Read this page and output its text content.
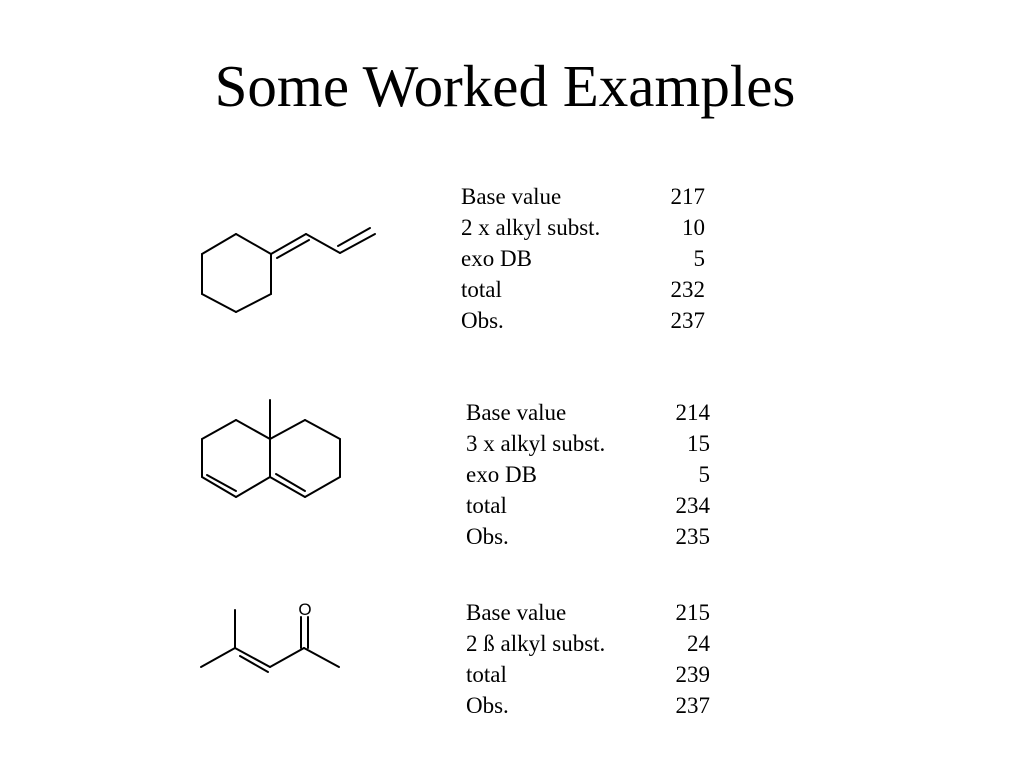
Some Worked Examples
Base value	217
2 x alkyl subst.	10
exo DB	5
total	232
Obs.	237
Base value	214
3 x alkyl subst.	15
exo DB	5
total	234
Obs.	235
O	Base value	215
2 ß alkyl subst.	24
total	239
Obs.	237
